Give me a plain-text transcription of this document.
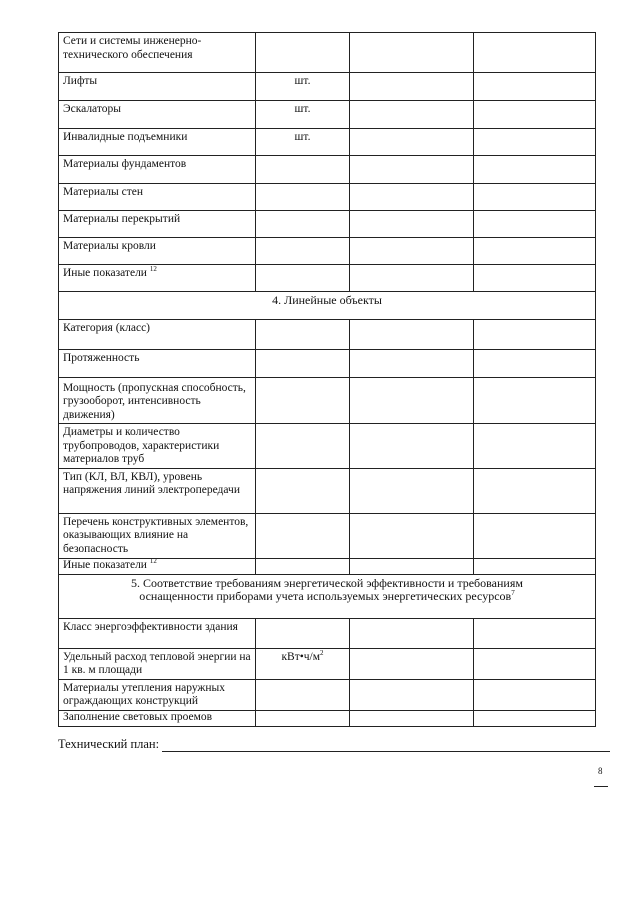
Сети и системы инженерно-технического обеспечения			
Лифты	шт.		
Эскалаторы	шт.		
Инвалидные подъемники	шт.		
Материалы фундаментов			
Материалы стен			
Материалы перекрытий			
Материалы кровли			
Иные показатели $^{12}$			
4. Линейные объекты			
Категория (класс)			
Протяженность			
Мощность (пропускная способность, грузооборот, интенсивность движения)			
Диаметры и количество трубопроводов, характеристики материалов труб			
Тип (КЛ, ВЛ, КВЛ), уровень напряжения линий электропередачи			
Перечень конструктивных элементов, оказывающих влияние на безопасность			
Иные показатели $^{12}$			
5. Соответствие требованиям энергетической эффективности и требованиям оснащенности приборами учета используемых энергетических ресурсов$^7$
Класс энергоэффективности здания			
Удельный расход тепловой энергии на 1 кв. м площади	$кВт•ч/м^2$		
Материалы утепления наружных ограждающих конструкций			
Заполнение световых проемов			
Технический план:
8
